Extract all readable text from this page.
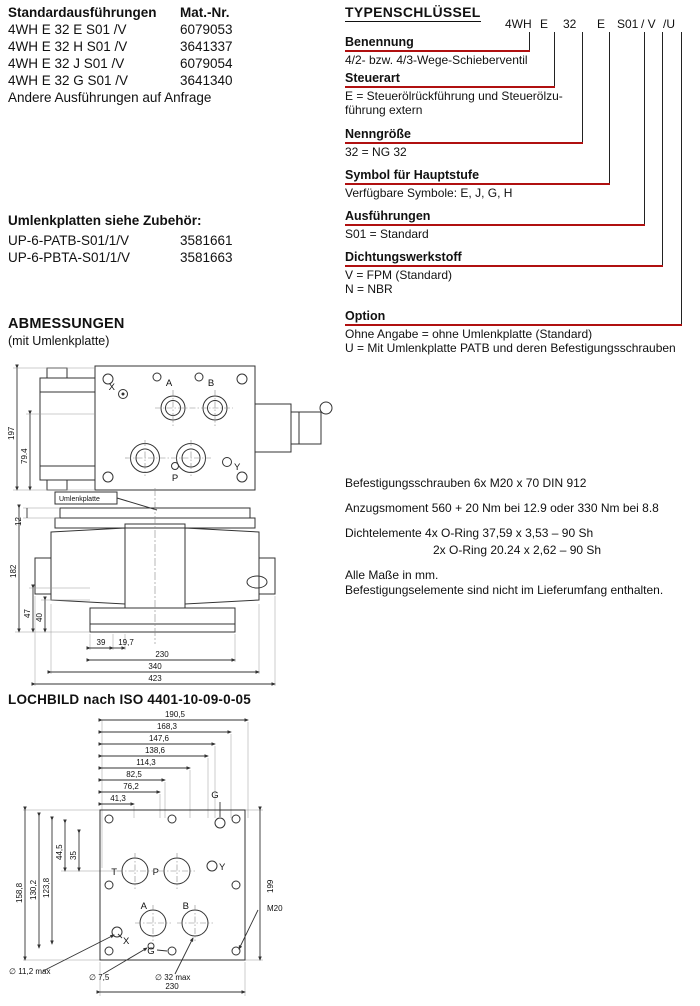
Standardausführungen Mat.-Nr.
4WH E 32 E S01 /V	6079053
4WH E 32 H S01 /V	3641337
4WH E 32 J S01 /V	6079054
4WH E 32 G S01 /V	3641340
Andere Ausführungen auf Anfrage
Umlenkplatten siehe Zubehör:
UP-6-PATB-S01/1/V	3581661
UP-6-PBTA-S01/1/V	3581663
TYPENSCHLÜSSEL
4WH E 32 E S01 / V /U
Benennung
4/2- bzw. 4/3-Wege-Schieberventil
Steuerart
E = Steuerölrückführung und Steuerölzu-
führung extern
Nenngröße
32 = NG 32
Symbol für Hauptstufe
Verfügbare Symbole: E, J, G, H
Ausführungen
S01 = Standard
Dichtungswerkstoff
V = FPM (Standard)
N = NBR
Option
Ohne Angabe = ohne Umlenkplatte (Standard)
U = Mit Umlenkplatte PATB und deren Befestigungsschrauben
Befestigungsschrauben 6x M20 x 70 DIN 912
Anzugsmoment 560 + 20 Nm bei 12.9 oder 330 Nm bei 8.8
Dichtelemente 4x O-Ring 37,59 x 3,53 – 90 Sh
2x O-Ring 20.24 x 2,62 – 90 Sh
Alle Maße in mm.
Befestigungselemente sind nicht im Lieferumfang enthalten.
ABMESSUNGEN
(mit Umlenkplatte)
197
79.4
X	A	B
Y
P
Umlenkplatte
12
182
47 40
39 19,7
230
340
423
LOCHBILD nach ISO 4401-10-09-0-05
190,5
168,3
147,6
138,6
114,3
82,5
76,2
41,3
44,5 35
130,2 123,8
158,8	199
M20
G
T	P	Y
A	B
X
G
∅ 11,2 max
∅ 7,5	∅ 32 max
230
